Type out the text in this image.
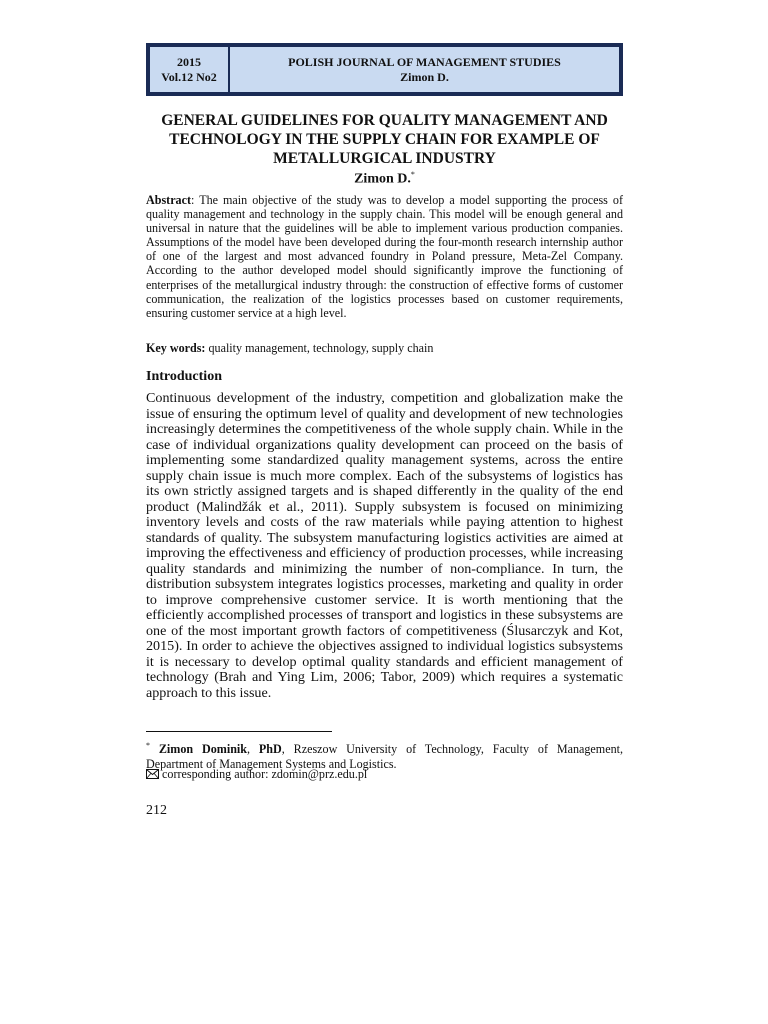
2015
Vol.12 No2
POLISH JOURNAL OF MANAGEMENT STUDIES
Zimon D.
GENERAL GUIDELINES FOR QUALITY MANAGEMENT AND TECHNOLOGY IN THE SUPPLY CHAIN FOR EXAMPLE OF METALLURGICAL INDUSTRY
Zimon D.*

Abstract: The main objective of the study was to develop a model supporting the process of quality management and technology in the supply chain. This model will be enough general and universal in nature that the guidelines will be able to implement various production companies. Assumptions of the model have been developed during the four-month research internship author of one of the largest and most advanced foundry in Poland pressure, Meta-Zel Company. According to the author developed model should significantly improve the functioning of enterprises of the metallurgical industry through: the construction of effective forms of customer communication, the realization of the logistics processes based on customer requirements, ensuring customer service at a high level.

Key words: quality management, technology, supply chain

Introduction

Continuous development of the industry, competition and globalization make the issue of ensuring the optimum level of quality and development of new technologies increasingly determines the competitiveness of the whole supply chain. While in the case of individual organizations quality development can proceed on the basis of implementing some standardized quality management systems, across the entire supply chain issue is much more complex. Each of the subsystems of logistics has its own strictly assigned targets and is shaped differently in the quality of the end product (Malindžák et al., 2011). Supply subsystem is focused on minimizing inventory levels and costs of the raw materials while paying attention to highest standards of quality. The subsystem manufacturing logistics activities are aimed at improving the effectiveness and efficiency of production processes, while increasing quality standards and minimizing the number of non-compliance. In turn, the distribution subsystem integrates logistics processes, marketing and quality in order to improve comprehensive customer service. It is worth mentioning that the efficiently accomplished processes of transport and logistics in these subsystems are one of the most important growth factors of competitiveness (Ślusarczyk and Kot, 2015). In order to achieve the objectives assigned to individual logistics subsystems it is necessary to develop optimal quality standards and efficient management of technology (Brah and Ying Lim, 2006; Tabor, 2009) which requires a systematic approach to this issue.

* Zimon Dominik, PhD, Rzeszow University of Technology, Faculty of Management, Department of Management Systems and Logistics.

corresponding author: zdomin@prz.edu.pl

212
